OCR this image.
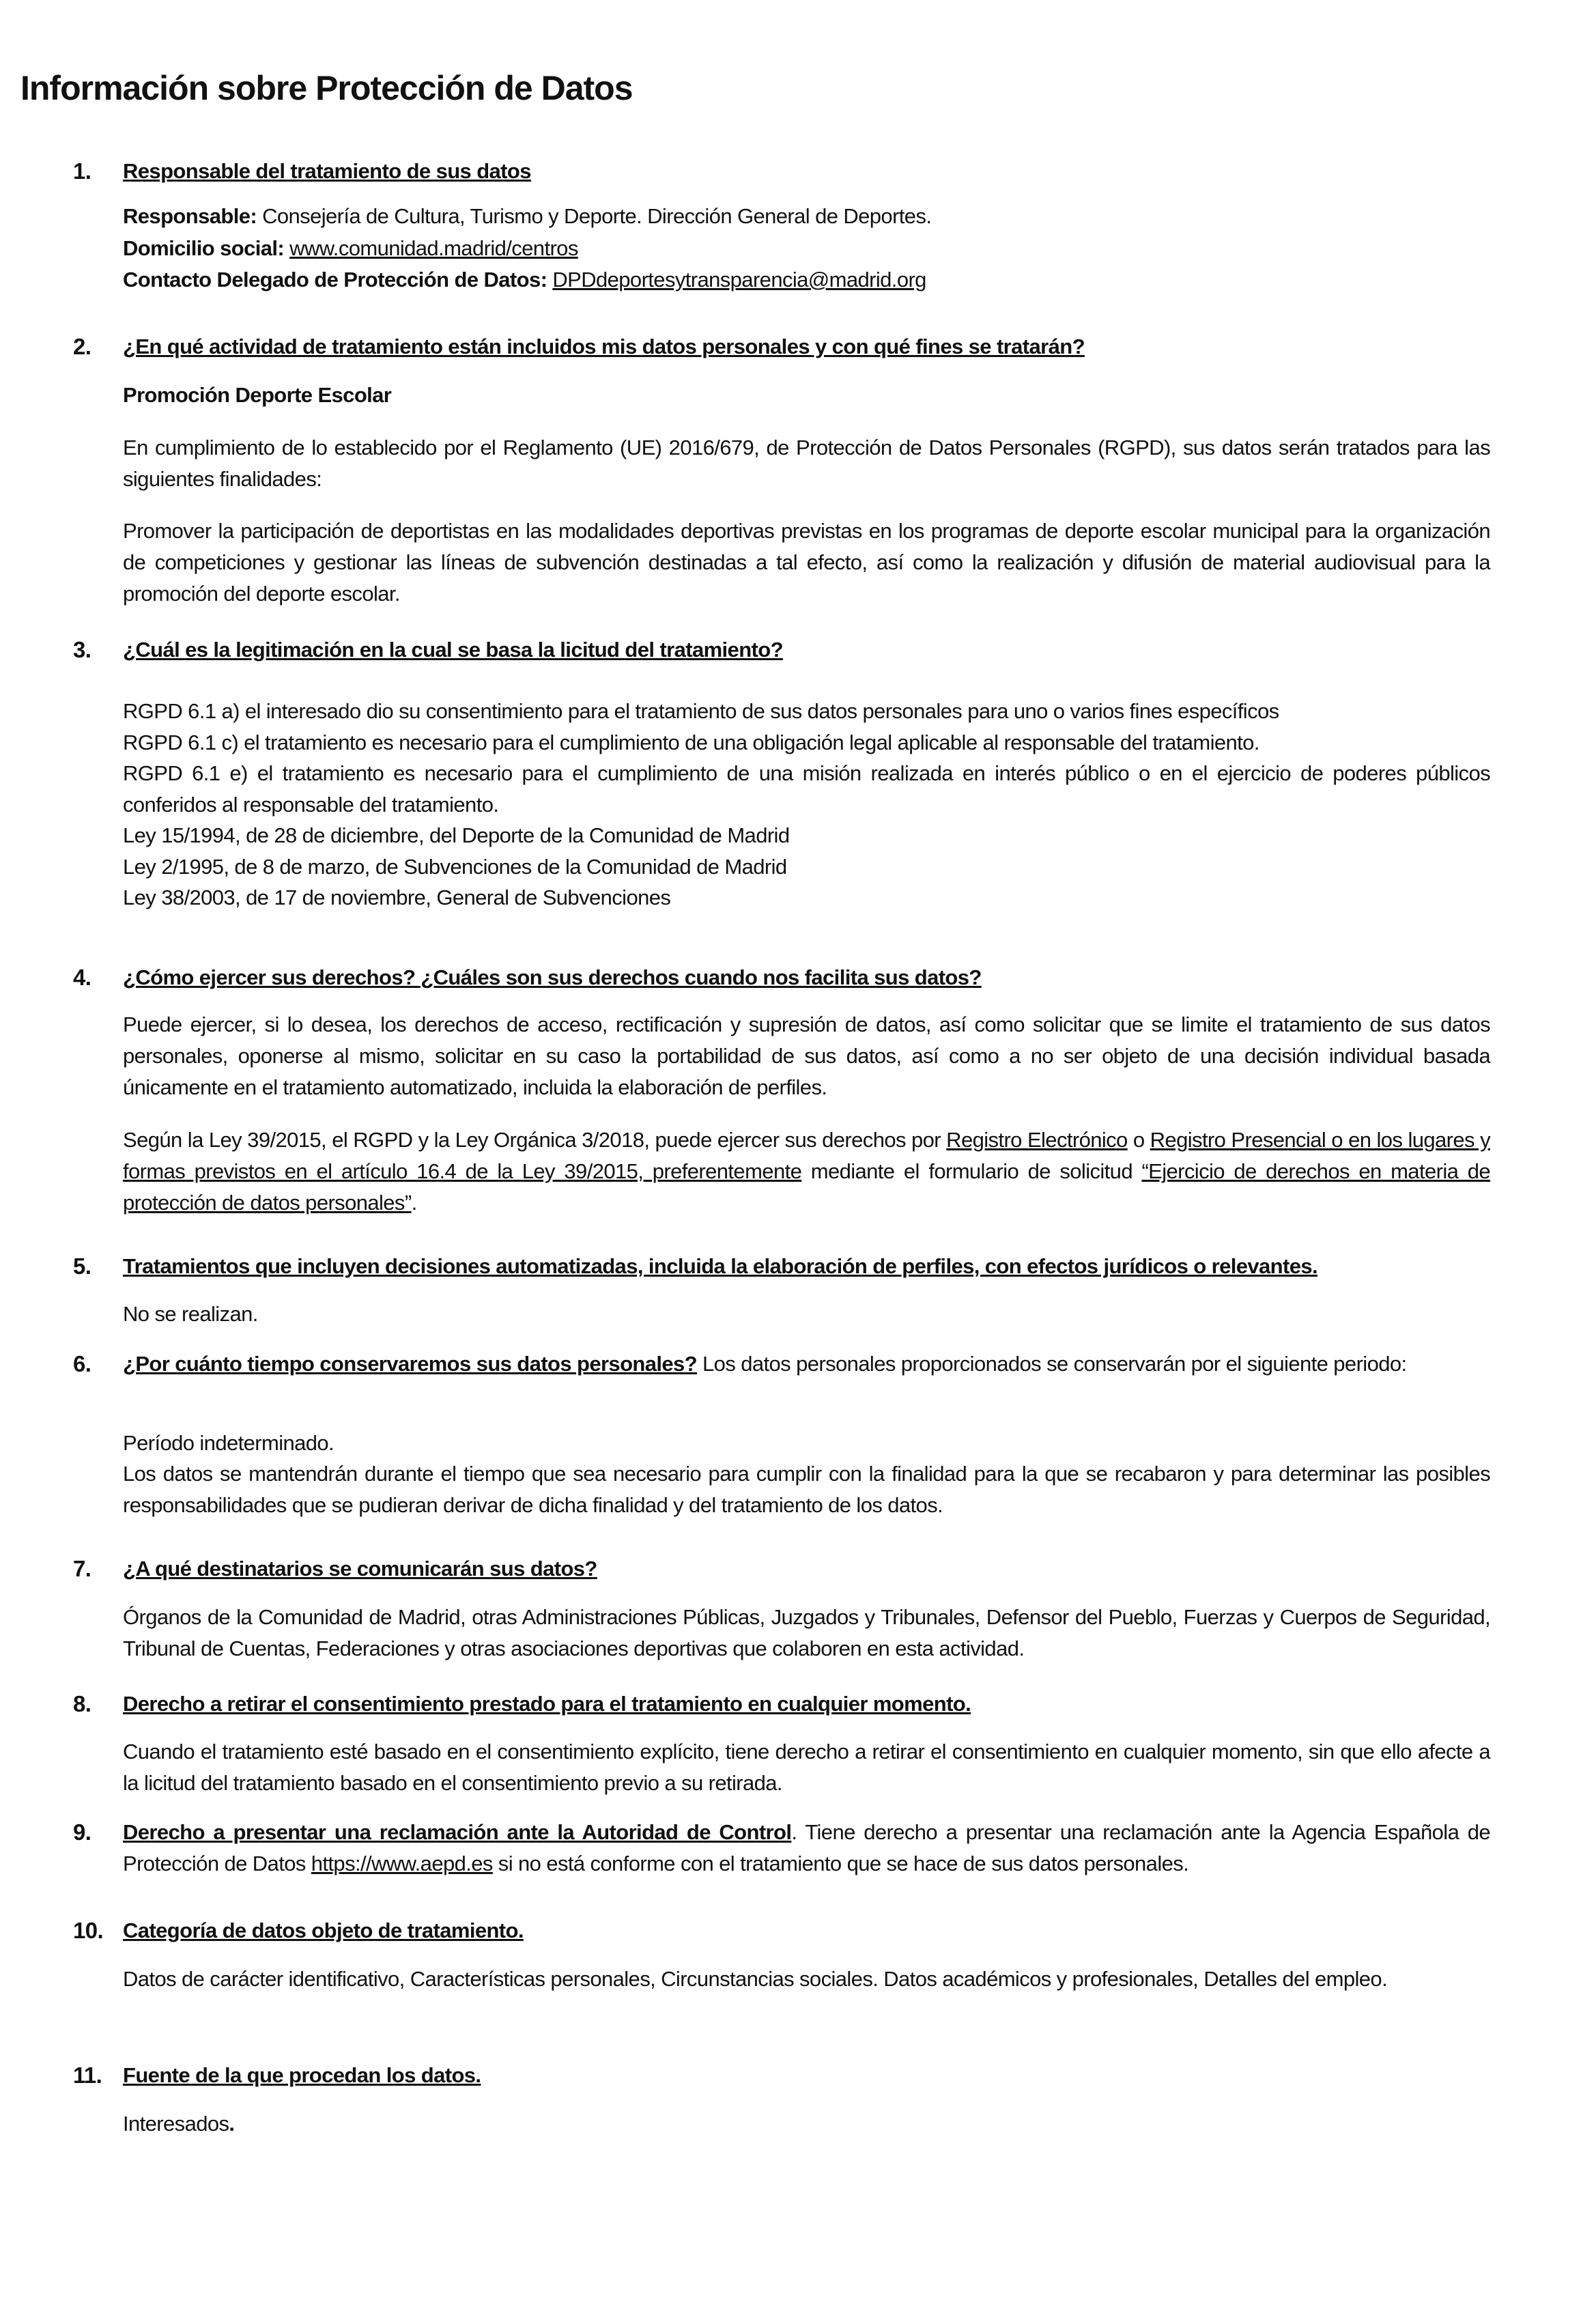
Información sobre Protección de Datos
1. Responsable del tratamiento de sus datos
Responsable: Consejería de Cultura, Turismo y Deporte. Dirección General de Deportes.
Domicilio social: www.comunidad.madrid/centros
Contacto Delegado de Protección de Datos: DPDdeportesytransparencia@madrid.org
2. ¿En qué actividad de tratamiento están incluidos mis datos personales y con qué fines se tratarán?
Promoción Deporte Escolar
En cumplimiento de lo establecido por el Reglamento (UE) 2016/679, de Protección de Datos Personales (RGPD), sus datos serán tratados para las siguientes finalidades:
Promover la participación de deportistas en las modalidades deportivas previstas en los programas de deporte escolar municipal para la organización de competiciones y gestionar las líneas de subvención destinadas a tal efecto, así como la realización y difusión de material audiovisual para la promoción del deporte escolar.
3. ¿Cuál es la legitimación en la cual se basa la licitud del tratamiento?
RGPD 6.1 a) el interesado dio su consentimiento para el tratamiento de sus datos personales para uno o varios fines específicos
RGPD 6.1 c) el tratamiento es necesario para el cumplimiento de una obligación legal aplicable al responsable del tratamiento.
RGPD 6.1 e) el tratamiento es necesario para el cumplimiento de una misión realizada en interés público o en el ejercicio de poderes públicos conferidos al responsable del tratamiento.
Ley 15/1994, de 28 de diciembre, del Deporte de la Comunidad de Madrid
Ley 2/1995, de 8 de marzo, de Subvenciones de la Comunidad de Madrid
Ley 38/2003, de 17 de noviembre, General de Subvenciones
4. ¿Cómo ejercer sus derechos? ¿Cuáles son sus derechos cuando nos facilita sus datos?
Puede ejercer, si lo desea, los derechos de acceso, rectificación y supresión de datos, así como solicitar que se limite el tratamiento de sus datos personales, oponerse al mismo, solicitar en su caso la portabilidad de sus datos, así como a no ser objeto de una decisión individual basada únicamente en el tratamiento automatizado, incluida la elaboración de perfiles.
Según la Ley 39/2015, el RGPD y la Ley Orgánica 3/2018, puede ejercer sus derechos por Registro Electrónico o Registro Presencial o en los lugares y formas previstos en el artículo 16.4 de la Ley 39/2015, preferentemente mediante el formulario de solicitud “Ejercicio de derechos en materia de protección de datos personales”.
5. Tratamientos que incluyen decisiones automatizadas, incluida la elaboración de perfiles, con efectos jurídicos o relevantes.
No se realizan.
6. ¿Por cuánto tiempo conservaremos sus datos personales? Los datos personales proporcionados se conservarán por el siguiente periodo:
Período indeterminado.
Los datos se mantendrán durante el tiempo que sea necesario para cumplir con la finalidad para la que se recabaron y para determinar las posibles responsabilidades que se pudieran derivar de dicha finalidad y del tratamiento de los datos.
7. ¿A qué destinatarios se comunicarán sus datos?
Órganos de la Comunidad de Madrid, otras Administraciones Públicas, Juzgados y Tribunales, Defensor del Pueblo, Fuerzas y Cuerpos de Seguridad, Tribunal de Cuentas, Federaciones y otras asociaciones deportivas que colaboren en esta actividad.
8. Derecho a retirar el consentimiento prestado para el tratamiento en cualquier momento.
Cuando el tratamiento esté basado en el consentimiento explícito, tiene derecho a retirar el consentimiento en cualquier momento, sin que ello afecte a la licitud del tratamiento basado en el consentimiento previo a su retirada.
9. Derecho a presentar una reclamación ante la Autoridad de Control. Tiene derecho a presentar una reclamación ante la Agencia Española de Protección de Datos https://www.aepd.es si no está conforme con el tratamiento que se hace de sus datos personales.
10. Categoría de datos objeto de tratamiento.
Datos de carácter identificativo, Características personales, Circunstancias sociales. Datos académicos y profesionales, Detalles del empleo.
11. Fuente de la que procedan los datos.
Interesados.
